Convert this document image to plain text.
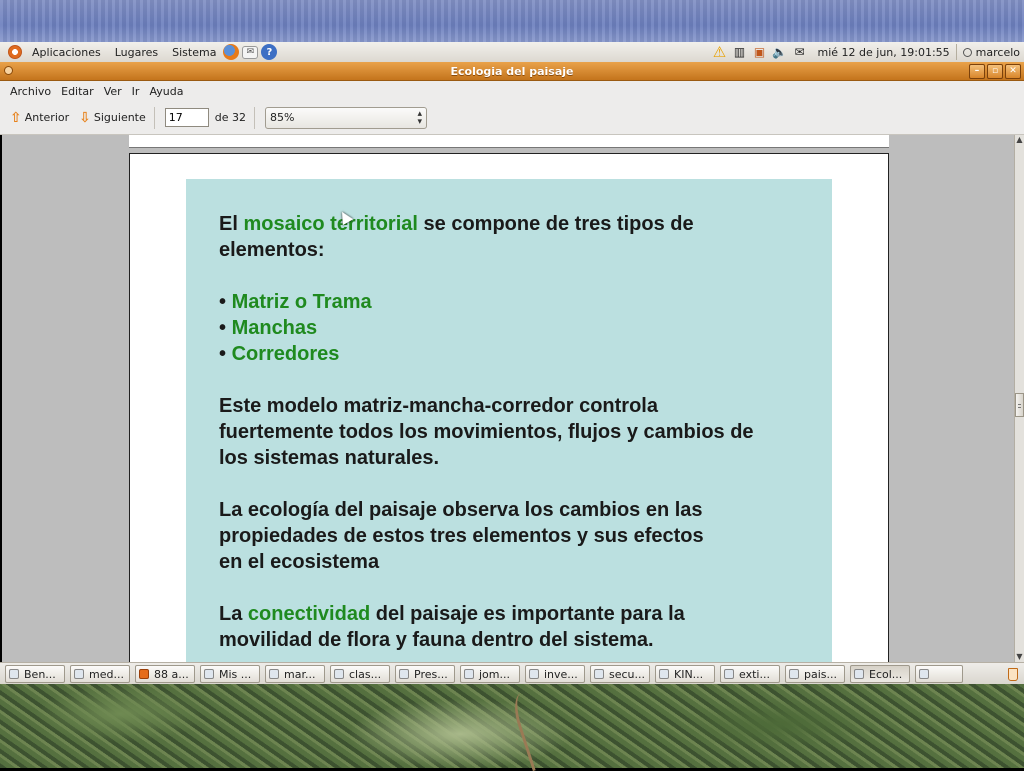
Aplicaciones	Lugares	Sistema	✉	?	⚠ ▥ ▣ 🔈 ✉ mié 12 de jun, 19:01:55 marcelo
Ecologia del paisaje	–	▫	✕
Archivo Editar Ver Ir Ayuda
⇧ Anterior ⇩ Siguiente
17	de 32 85%	▴
▾

El mosaico territorial se compone de tres tipos de

elementos:

• Matriz o Trama

• Manchas

• Corredores

Este modelo matriz-mancha-corredor controla

fuertemente todos los movimientos, flujos y cambios de

los sistemas naturales.

La ecología del paisaje observa los cambios en las

propiedades de estos tres elementos y sus efectos

en el ecosistema

La conectividad del paisaje es importante para la

movilidad de flora y fauna dentro del sistema.

▲
▼
Ben...	med...	88 a...	Mis ...	mar...	clas...	Pres...	jom...	inve...	secu...	KIN...	exti...	pais...	Ecol...
